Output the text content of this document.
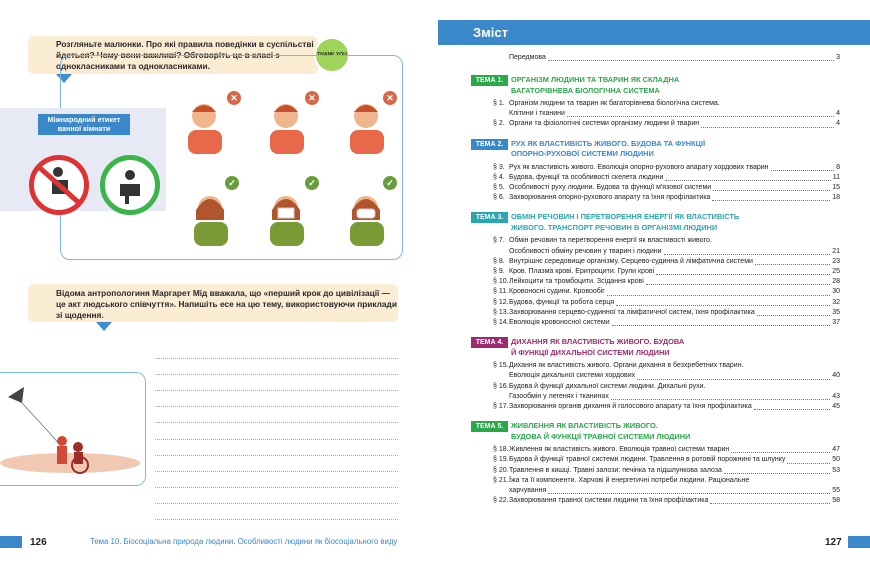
Розгляньте малюнки. Про які правила поведінки в суспільстві йдеться? Чому вони важливі? Обговоріть це в класі з однокласниками та однокласниками.
THANK YOU
Міжнародний етикет ванної кімнати
✕	✕	✕
✓	✓	✓
Відома антропологиня Маргарет Мід вважала, що «перший крок до цивілізації — це акт людського співчуття». Напишіть есе на цю тему, використовуючи приклади зі щодення.
126	Тема 10. Біосоціальна природа людини. Особливості людини як біосоціального виду
Зміст
Передмова	3
ТЕМА 1.	ОРГАНІЗМ ЛЮДИНИ ТА ТВАРИН ЯК СКЛАДНА
БАГАТОРІВНЕВА БІОЛОГІЧНА СИСТЕМА
§ 1. Організм людини та тварин як багаторівнева біологічна система.
Клітини і тканини	4
§ 2. Органи та фізіологічні системи організму людини й тварин	4
ТЕМА 2.	РУХ ЯК ВЛАСТИВІСТЬ ЖИВОГО. БУДОВА ТА ФУНКЦІЇ
ОПОРНО-РУХОВОЇ СИСТЕМИ ЛЮДИНИ
§ 3. Рух як властивість живого. Еволюція опорно-рухового апарату хордових тварин	8
§ 4. Будова, функції та особливості скелета людини	11
§ 5. Особливості руху людини. Будова та функції м'язової системи	15
§ 6. Захворювання опорно-рухового апарату та їхня профілактика	18
ТЕМА 3.	ОБМІН РЕЧОВИН І ПЕРЕТВОРЕННЯ ЕНЕРГІЇ ЯК ВЛАСТИВІСТЬ
ЖИВОГО. ТРАНСПОРТ РЕЧОВИН В ОРГАНІЗМІ ЛЮДИНИ
§ 7. Обмін речовин та перетворення енергії як властивості живого.
Особливості обміну речовин у тварин і людини	21
§ 8. Внутрішнє середовище організму. Серцево-судинна й лімфатична системи	23
§ 9. Кров. Плазма крові. Еритроцити. Групи крові	25
§ 10. Лейкоцити та тромбоцити. Зсідання крові	28
§ 11. Кровоносні судини. Кровообіг	30
§ 12. Будова, функції та робота серця	32
§ 13. Захворювання серцево-судинної та лімфатичної систем, їхня профілактика	35
§ 14. Еволюція кровоносної системи	37
ТЕМА 4.	ДИХАННЯ ЯК ВЛАСТИВІСТЬ ЖИВОГО. БУДОВА
Й ФУНКЦІЇ ДИХАЛЬНОЇ СИСТЕМИ ЛЮДИНИ
§ 15. Дихання як властивість живого. Органи дихання в безхребетних тварин.
Еволюція дихальної системи хордових	40
§ 16. Будова й функції дихальної системи людини. Дихальні рухи.
Газообмін у легенях і тканинах	43
§ 17. Захворювання органів дихання й голосового апарату та їхня профілактика	45
ТЕМА 5.	ЖИВЛЕННЯ ЯК ВЛАСТИВІСТЬ ЖИВОГО.
БУДОВА Й ФУНКЦІЇ ТРАВНОЇ СИСТЕМИ ЛЮДИНИ
§ 18. Живлення як властивість живого. Еволюція травної системи тварин	47
§ 19. Будова й функції травної системи людини. Травлення в ротовій порожнині та шлунку	50
§ 20. Травлення в кишці. Травні залози: печінка та підшлункова залоза	53
§ 21. Їжа та її компоненти. Харчові й енергетичні потреби людини. Раціональне
харчування	55
§ 22. Захворювання травної системи людини та їхня профілактика	58
127
